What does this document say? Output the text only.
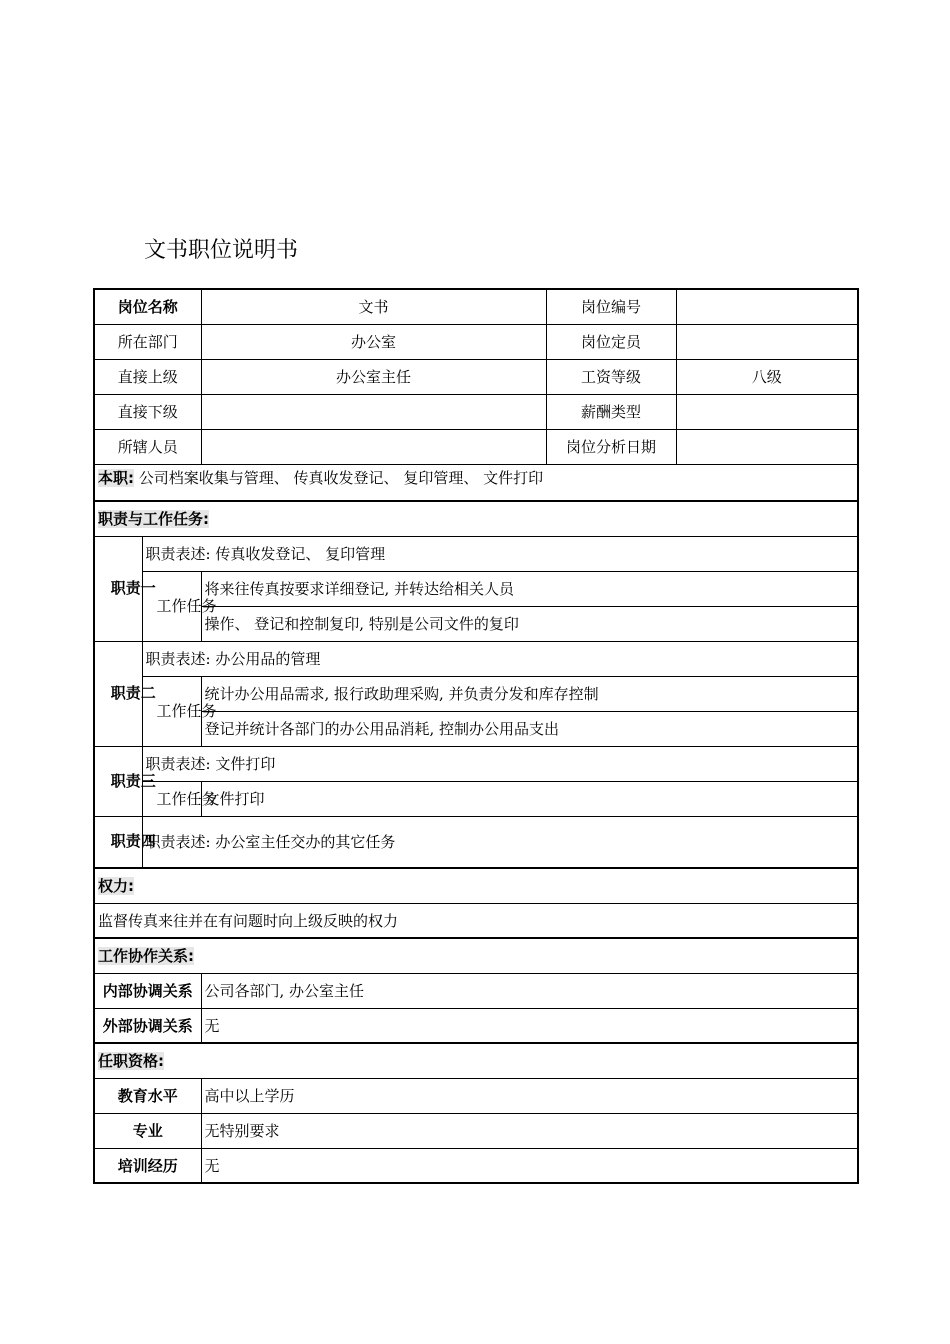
文书职位说明书
岗位名称		文书	岗位编号	
所在部门		办公室	岗位定员	
直接上级		办公室主任	工资等级	八级
直接下级			薪酬类型	
所辖人员			岗位分析日期	
本职: 公司档案收集与管理、 传真收发登记、 复印管理、 文件打印				
职责与工作任务:				

职责一	职责表述: 传真收发登记、 复印管理			

	工作任务	将来往传真按要求详细登记, 并转达给相关人员		
		操作、 登记和控制复印, 特别是公司文件的复印		

职责二	职责表述: 办公用品的管理			

	工作任务	统计办公用品需求, 报行政助理采购, 并负责分发和库存控制		
		登记并统计各部门的办公用品消耗, 控制办公用品支出		

职责三	职责表述: 文件打印			

	工作任务	文件打印		

职责四	职责表述: 办公室主任交办的其它任务			
权力:				
监督传真来往并在有问题时向上级反映的权力				
工作协作关系:				
内部协调关系		公司各部门, 办公室主任		
外部协调关系		无		
任职资格:				
教育水平		高中以上学历		
专业		无特别要求		
培训经历		无		
